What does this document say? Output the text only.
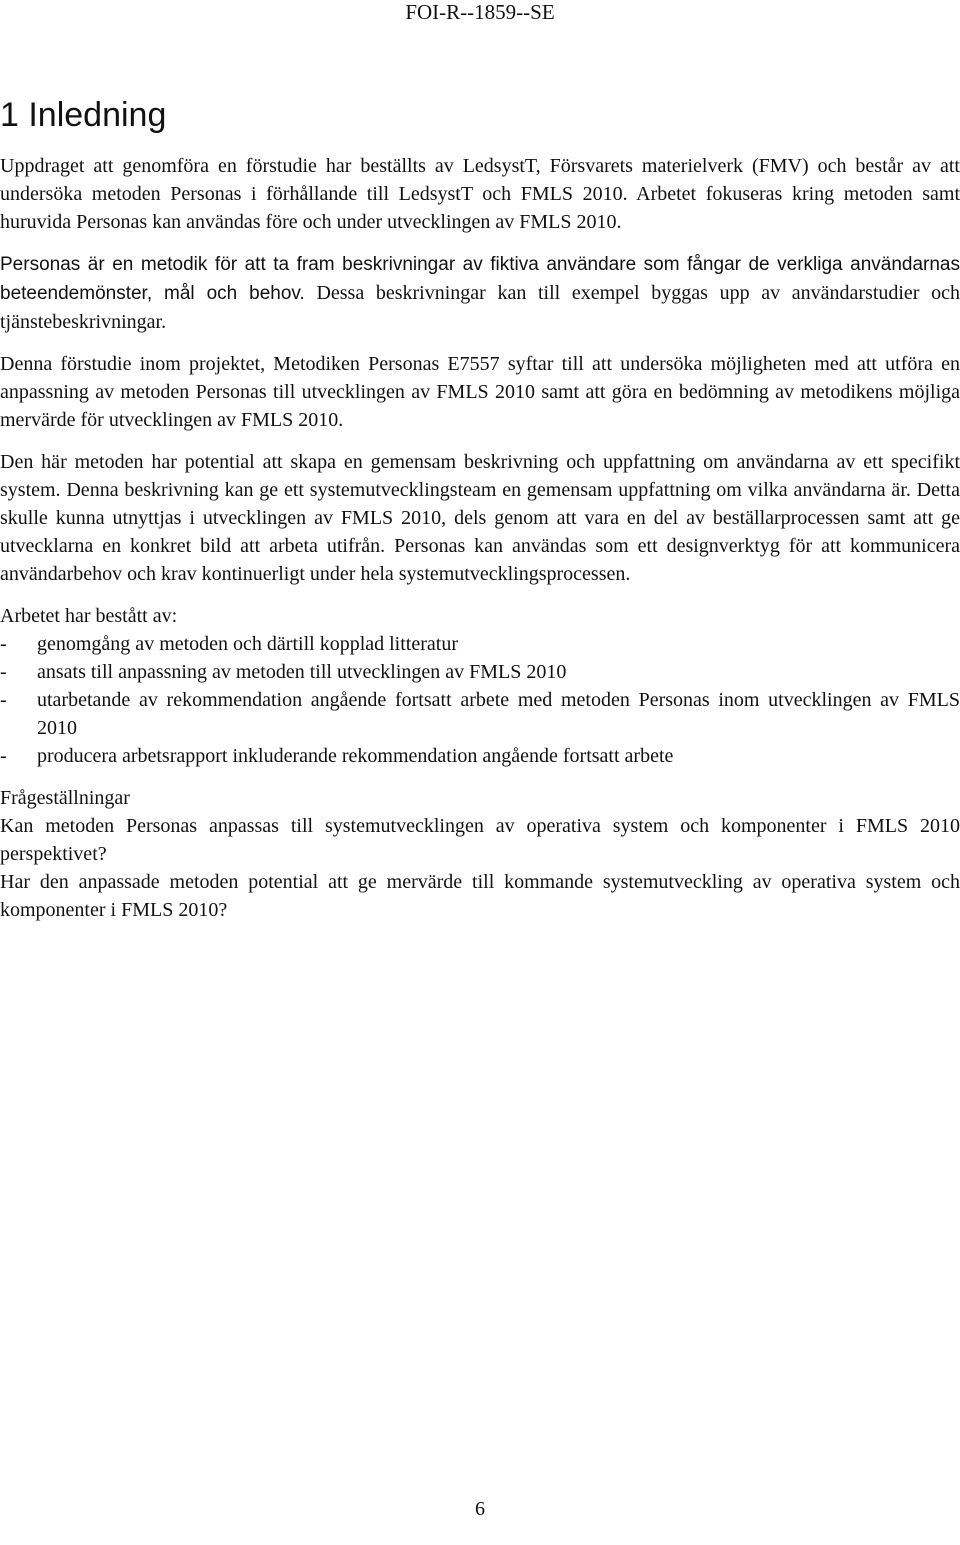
FOI-R--1859--SE
1 Inledning

Uppdraget att genomföra en förstudie har beställts av LedsystT, Försvarets materielverk (FMV) och består av att undersöka metoden Personas i förhållande till LedsystT och FMLS 2010. Arbetet fokuseras kring metoden samt huruvida Personas kan användas före och under utvecklingen av FMLS 2010.

Personas är en metodik för att ta fram beskrivningar av fiktiva användare som fångar de verkliga användarnas beteendemönster, mål och behov. Dessa beskrivningar kan till exempel byggas upp av användarstudier och tjänstebeskrivningar.

Denna förstudie inom projektet, Metodiken Personas E7557 syftar till att undersöka möjligheten med att utföra en anpassning av metoden Personas till utvecklingen av FMLS 2010 samt att göra en bedömning av metodikens möjliga mervärde för utvecklingen av FMLS 2010.

Den här metoden har potential att skapa en gemensam beskrivning och uppfattning om användarna av ett specifikt system. Denna beskrivning kan ge ett systemutvecklingsteam en gemensam uppfattning om vilka användarna är. Detta skulle kunna utnyttjas i utvecklingen av FMLS 2010, dels genom att vara en del av beställarprocessen samt att ge utvecklarna en konkret bild att arbeta utifrån. Personas kan användas som ett designverktyg för att kommunicera användarbehov och krav kontinuerligt under hela systemutvecklingsprocessen.

Arbetet har bestått av:

- genomgång av metoden och därtill kopplad litteratur
- ansats till anpassning av metoden till utvecklingen av FMLS 2010
- utarbetande av rekommendation angående fortsatt arbete med metoden Personas inom utvecklingen av FMLS 2010
- producera arbetsrapport inkluderande rekommendation angående fortsatt arbete

Frågeställningar

Kan metoden Personas anpassas till systemutvecklingen av operativa system och komponenter i FMLS 2010 perspektivet?

Har den anpassade metoden potential att ge mervärde till kommande systemutveckling av operativa system och komponenter i FMLS 2010?

6
